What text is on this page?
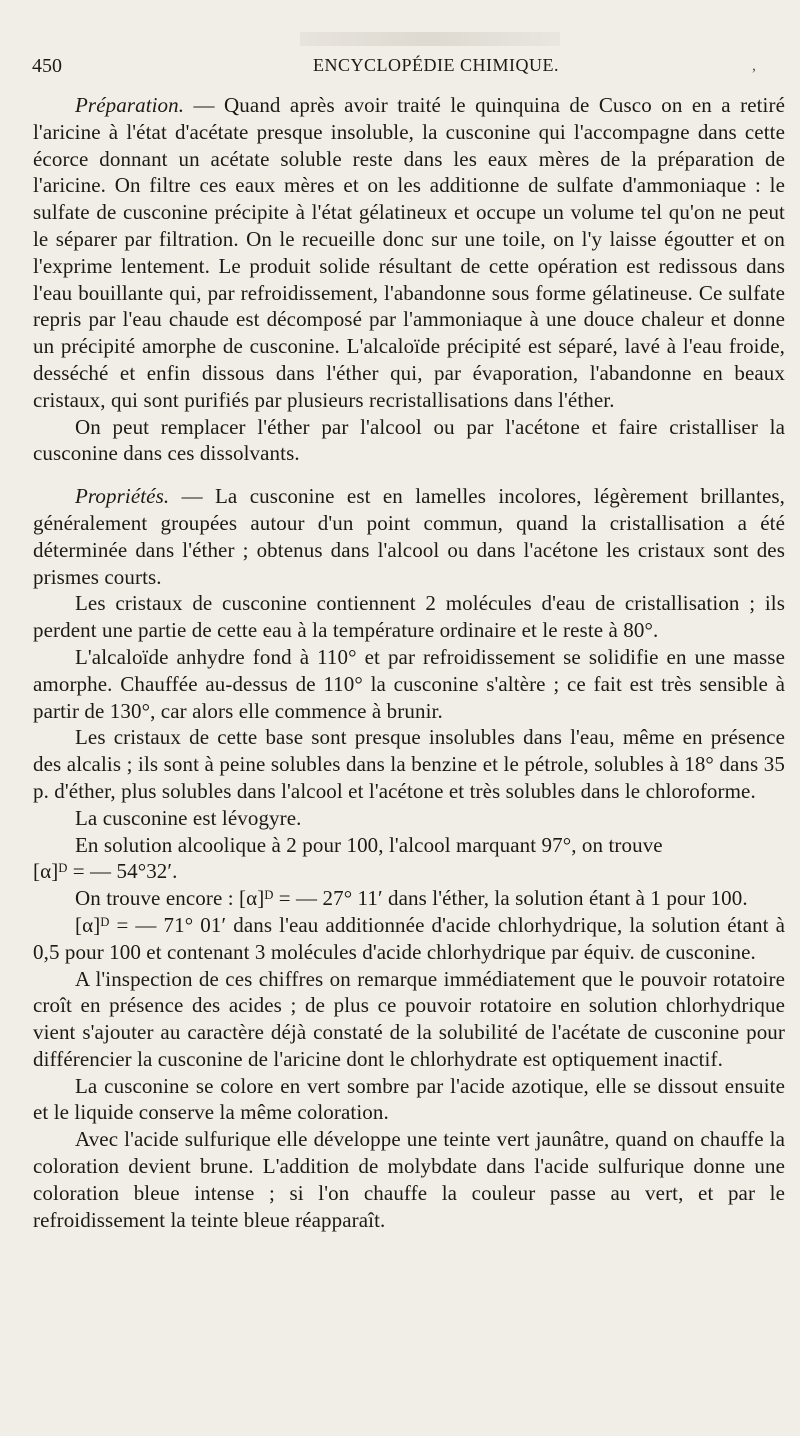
450	ENCYCLOPÉDIE CHIMIQUE.	,

Préparation. — Quand après avoir traité le quinquina de Cusco on en a retiré l'aricine à l'état d'acétate presque insoluble, la cusconine qui l'accompagne dans cette écorce donnant un acétate soluble reste dans les eaux mères de la préparation de l'aricine. On filtre ces eaux mères et on les additionne de sulfate d'ammoniaque : le sulfate de cusconine précipite à l'état gélatineux et occupe un volume tel qu'on ne peut le séparer par filtration. On le recueille donc sur une toile, on l'y laisse égoutter et on l'exprime lentement. Le produit solide résultant de cette opération est redissous dans l'eau bouillante qui, par refroidissement, l'abandonne sous forme gélatineuse. Ce sulfate repris par l'eau chaude est décomposé par l'ammoniaque à une douce chaleur et donne un précipité amorphe de cusconine. L'alcaloïde précipité est séparé, lavé à l'eau froide, desséché et enfin dissous dans l'éther qui, par évaporation, l'abandonne en beaux cristaux, qui sont purifiés par plusieurs recristallisations dans l'éther.

On peut remplacer l'éther par l'alcool ou par l'acétone et faire cristalliser la cusconine dans ces dissolvants.

Propriétés. — La cusconine est en lamelles incolores, légèrement brillantes, généralement groupées autour d'un point commun, quand la cristallisation a été déterminée dans l'éther ; obtenus dans l'alcool ou dans l'acétone les cristaux sont des prismes courts.

Les cristaux de cusconine contiennent 2 molécules d'eau de cristallisation ; ils perdent une partie de cette eau à la température ordinaire et le reste à 80°.

L'alcaloïde anhydre fond à 110° et par refroidissement se solidifie en une masse amorphe. Chauffée au-dessus de 110° la cusconine s'altère ; ce fait est très sensible à partir de 130°, car alors elle commence à brunir.

Les cristaux de cette base sont presque insolubles dans l'eau, même en présence des alcalis ; ils sont à peine solubles dans la benzine et le pétrole, solubles à 18° dans 35 p. d'éther, plus solubles dans l'alcool et l'acétone et très solubles dans le chloroforme.

La cusconine est lévogyre.

En solution alcoolique à 2 pour 100, l'alcool marquant 97°, on trouve

[α]ᴰ = — 54°32′.

On trouve encore : [α]ᴰ = — 27° 11′ dans l'éther, la solution étant à 1 pour 100.

[α]ᴰ = — 71° 01′ dans l'eau additionnée d'acide chlorhydrique, la solution étant à 0,5 pour 100 et contenant 3 molécules d'acide chlorhydrique par équiv. de cusconine.

A l'inspection de ces chiffres on remarque immédiatement que le pouvoir rotatoire croît en présence des acides ; de plus ce pouvoir rotatoire en solution chlorhydrique vient s'ajouter au caractère déjà constaté de la solubilité de l'acétate de cusconine pour différencier la cusconine de l'aricine dont le chlorhydrate est optiquement inactif.

La cusconine se colore en vert sombre par l'acide azotique, elle se dissout ensuite et le liquide conserve la même coloration.

Avec l'acide sulfurique elle développe une teinte vert jaunâtre, quand on chauffe la coloration devient brune. L'addition de molybdate dans l'acide sulfurique donne une coloration bleue intense ; si l'on chauffe la couleur passe au vert, et par le refroidissement la teinte bleue réapparaît.
